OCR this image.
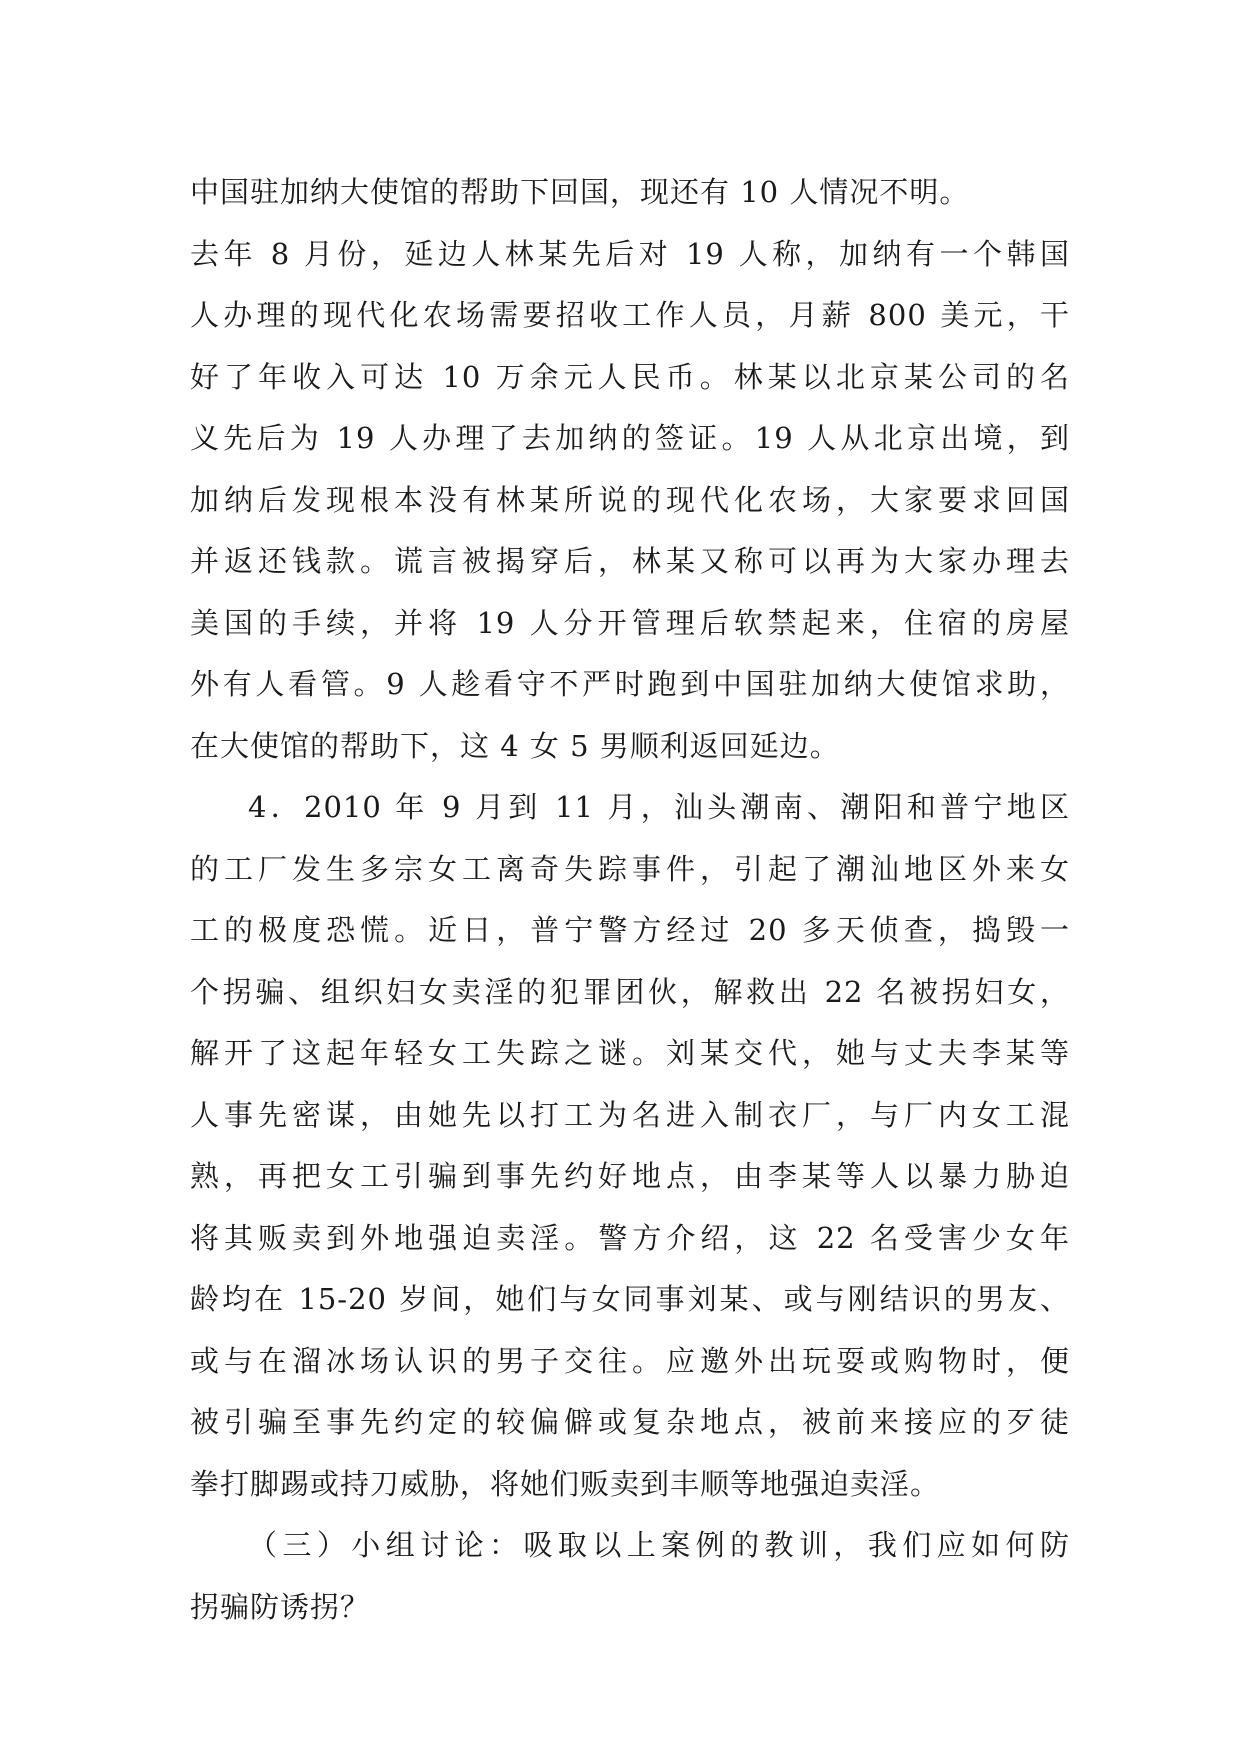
中国驻加纳大使馆的帮助下回国，现还有 10 人情况不明。
去年 8 月份，延边人林某先后对 19 人称，加纳有一个韩国
人办理的现代化农场需要招收工作人员，月薪 800 美元，干
好了年收入可达 10 万余元人民币。林某以北京某公司的名
义先后为 19 人办理了去加纳的签证。19 人从北京出境，到
加纳后发现根本没有林某所说的现代化农场，大家要求回国
并返还钱款。谎言被揭穿后，林某又称可以再为大家办理去
美国的手续，并将 19 人分开管理后软禁起来，住宿的房屋
外有人看管。9 人趁看守不严时跑到中国驻加纳大使馆求助，
在大使馆的帮助下，这 4 女 5 男顺利返回延边。
4．2010 年 9 月到 11 月，汕头潮南、潮阳和普宁地区
的工厂发生多宗女工离奇失踪事件，引起了潮汕地区外来女
工的极度恐慌。近日，普宁警方经过 20 多天侦查，捣毁一
个拐骗、组织妇女卖淫的犯罪团伙，解救出 22 名被拐妇女，
解开了这起年轻女工失踪之谜。刘某交代，她与丈夫李某等
人事先密谋，由她先以打工为名进入制衣厂，与厂内女工混
熟，再把女工引骗到事先约好地点，由李某等人以暴力胁迫
将其贩卖到外地强迫卖淫。警方介绍，这 22 名受害少女年
龄均在 15-20 岁间，她们与女同事刘某、或与刚结识的男友、
或与在溜冰场认识的男子交往。应邀外出玩耍或购物时，便
被引骗至事先约定的较偏僻或复杂地点，被前来接应的歹徒
拳打脚踢或持刀威胁，将她们贩卖到丰顺等地强迫卖淫。
（三）小组讨论：吸取以上案例的教训，我们应如何防
拐骗防诱拐？
